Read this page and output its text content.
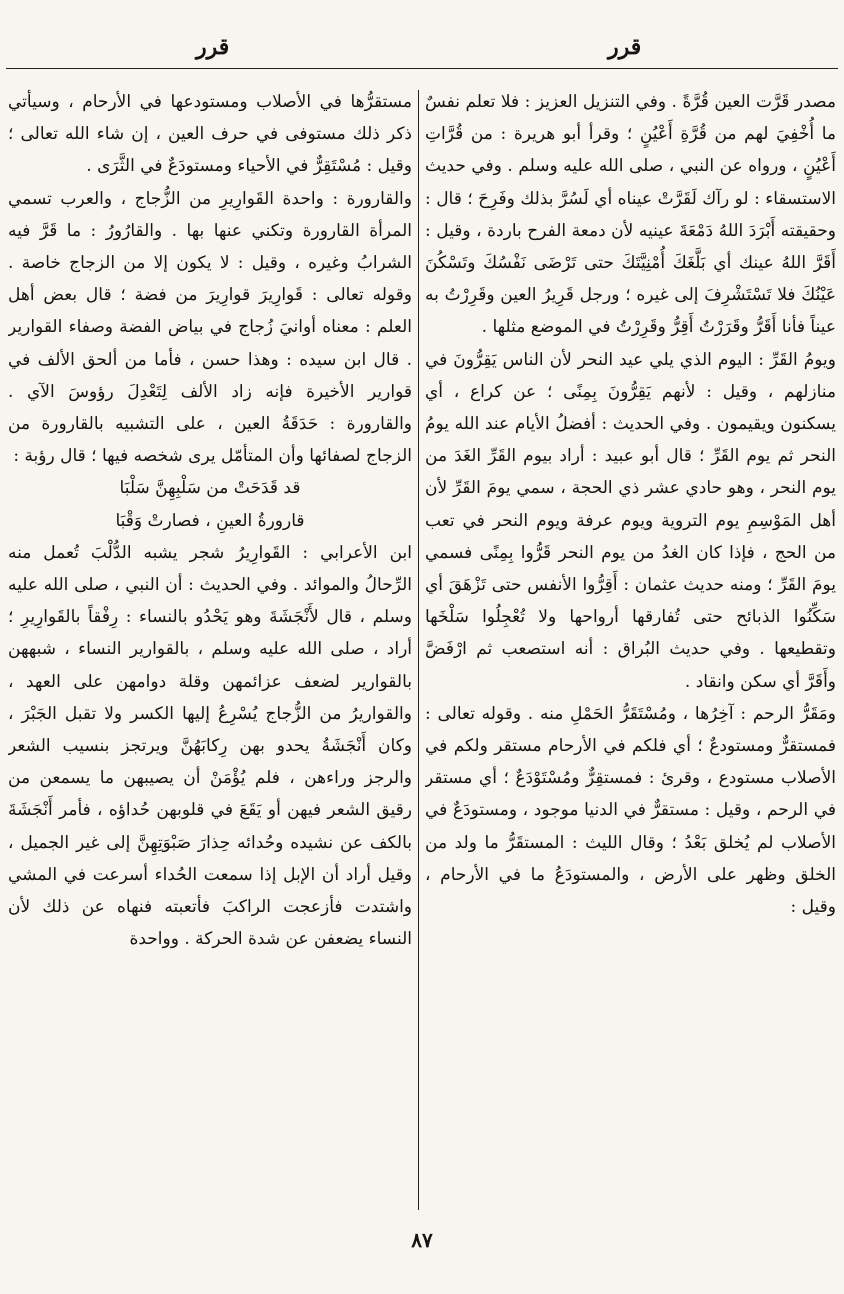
قرر	قرر

مصدر قَرَّت العين قُرَّةً . وفي التنزيل العزيز : فلا تعلم نفسٌ ما أُخْفِيَ لهم من قُرَّةِ أَعْيُنٍ ؛ وقرأ أبو هريرة : من قُرَّاتِ أَعْيُنٍ ، ورواه عن النبي ، صلى الله عليه وسلم . وفي حديث الاستسقاء : لو رآك لَقَرَّتْ عيناه أي لَسُرَّ بذلك وفَرِحَ ؛ قال : وحقيقته أَبْرَدَ اللهُ دَمْعَةَ عينيه لأن دمعة الفرح باردة ، وقيل : أَقَرَّ اللهُ عينك أي بَلَّغَكَ أُمْنِيَّتَكَ حتى تَرْضَى نَفْسُكَ وتَسْكُنَ عَيْنُكَ فلا تَسْتَشْرِفَ إلى غيره ؛ ورجل قَرِيرُ العين وقَرِرْتُ به عيناً فأنا أَقَرُّ وقَرَرْتُ أَقِرُّ وقَرِرْتُ في الموضع مثلها .

ويومُ القَرِّ : اليوم الذي يلي عيد النحر لأن الناس يَقِرُّونَ في منازلهم ، وقيل : لأنهم يَقِرُّونَ بِمِنًى ؛ عن كراع ، أي يسكنون ويقيمون . وفي الحديث : أفضلُ الأيام عند الله يومُ النحر ثم يوم القَرِّ ؛ قال أبو عبيد : أراد بيوم القَرِّ الغَدَ من يوم النحر ، وهو حادي عشر ذي الحجة ، سمي يومَ القَرِّ لأن أهل المَوْسِمِ يوم التروية ويوم عرفة ويوم النحر في تعب من الحج ، فإذا كان الغدُ من يوم النحر قَرُّوا بِمِنًى فسمي يومَ القَرِّ ؛ ومنه حديث عثمان : أَقِرُّوا الأنفس حتى تَزْهَقَ أي سَكِّنُوا الذبائح حتى تُفارقها أرواحها ولا تُعْجِلُوا سَلْخَها وتقطيعها . وفي حديث البُراق : أنه استصعب ثم ارْفَضَّ وأَقَرَّ أي سكن وانقاد .

ومَقَرُّ الرحم : آخِرُها ، ومُسْتَقَرُّ الحَمْلِ منه . وقوله تعالى : فمستقرٌّ ومستودعٌ ؛ أي فلكم في الأرحام مستقر ولكم في الأصلاب مستودع ، وقرئ : فمستقِرٌّ ومُسْتَوْدَعٌ ؛ أي مستقر في الرحم ، وقيل : مستقرٌّ في الدنيا موجود ، ومستودَعٌ في الأصلاب لم يُخلق بَعْدُ ؛ وقال الليث : المستقَرُّ ما ولد من الخلق وظهر على الأرض ، والمستودَعُ ما في الأرحام ، وقيل :

مستقرُّها في الأصلاب ومستودعها في الأرحام ، وسيأتي ذكر ذلك مستوفى في حرف العين ، إن شاء الله تعالى ؛ وقيل : مُسْتَقِرٌّ في الأحياء ومستودَعٌ في الثَّرَى .

والقارورة : واحدة القَوارِيرِ من الزُّجاج ، والعرب تسمي المرأة القارورة وتكني عنها بها . والقارُورُ : ما قَرَّ فيه الشرابُ وغيره ، وقيل : لا يكون إلا من الزجاج خاصة . وقوله تعالى : قَوارِيرَ قوارِيرَ من فضة ؛ قال بعض أهل العلم : معناه أوانيَ زُجاج في بياض الفضة وصفاء القوارير . قال ابن سيده : وهذا حسن ، فأما من ألحق الألف في قوارير الأخيرة فإنه زاد الألف لِتَعْدِلَ رؤوسَ الآي . والقارورة : حَدَقَةُ العين ، على التشبيه بالقارورة من الزجاج لصفائها وأن المتأمّل يرى شخصه فيها ؛ قال رؤبة :

قد قَدَحَتْ من سَلْبِهِنَّ سَلْبَا
قارورةُ العينِ ، فصارتْ وَقْبَا

ابن الأعرابي : القَوارِيرُ شجر يشبه الدُّلْبَ تُعمل منه الرِّحالُ والموائد . وفي الحديث : أن النبي ، صلى الله عليه وسلم ، قال لأَنْجَشَةَ وهو يَحْدُو بالنساء : رِفْقاً بالقَوارِيرِ ؛ أراد ، صلى الله عليه وسلم ، بالقوارير النساء ، شبههن بالقوارير لضعف عزائمهن وقلة دوامهن على العهد ، والقواريرُ من الزُّجاج يُسْرِعُ إليها الكسر ولا تقبل الجَبْرَ ، وكان أَنْجَشَةُ يحدو بهن رِكابَهُنَّ ويرتجز بنسيب الشعر والرجز وراءهن ، فلم يُؤْمَنْ أن يصيبهن ما يسمعن من رقيق الشعر فيهن أو يَقَعَ في قلوبهن حُداؤه ، فأمر أَنْجَشَةَ بالكف عن نشيده وحُدائه حِذارَ صَبْوَتِهِنَّ إلى غير الجميل ، وقيل أراد أن الإبل إذا سمعت الحُداء أسرعت في المشي واشتدت فأزعجت الراكبَ فأتعبته فنهاه عن ذلك لأن النساء يضعفن عن شدة الحركة . وواحدة

٨٧
